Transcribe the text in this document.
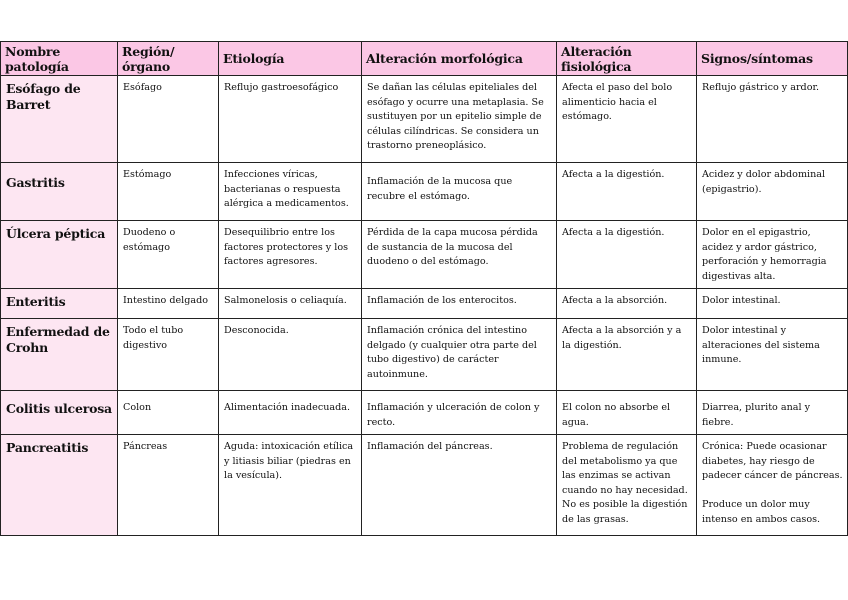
Nombre patología	Región/órgano	Etiología	Alteración morfológica	Alteración fisiológica	Signos/síntomas
Esófago de Barret	Esófago	Reflujo gastroesofágico	Se dañan las células epiteliales del esófago y ocurre una metaplasia. Se sustituyen por un epitelio simple de células cilíndricas. Se considera un trastorno preneoplásico.	Afecta el paso del bolo alimenticio hacia el estómago.	Reflujo gástrico y ardor.
Gastritis	Estómago	Infecciones víricas, bacterianas o respuesta alérgica a medicamentos.	Inflamación de la mucosa que recubre el estómago.	Afecta a la digestión.	Acidez y dolor abdominal (epigastrio).
Úlcera péptica	Duodeno o estómago	Desequilibrio entre los factores protectores y los factores agresores.	Pérdida de la capa mucosa pérdida de sustancia de la mucosa del duodeno o del estómago.	Afecta a la digestión.	Dolor en el epigastrio, acidez y ardor gástrico, perforación y hemorragia digestivas alta.
Enteritis	Intestino delgado	Salmonelosis o celiaquía.	Inflamación de los enterocitos.	Afecta a la absorción.	Dolor intestinal.
Enfermedad de Crohn	Todo el tubo digestivo	Desconocida.	Inflamación crónica del intestino delgado (y cualquier otra parte del tubo digestivo) de carácter autoinmune.	Afecta a la absorción y a la digestión.	Dolor intestinal y alteraciones del sistema inmune.
Colitis ulcerosa	Colon	Alimentación inadecuada.	Inflamación y ulceración de colon y recto.	El colon no absorbe el agua.	Diarrea, plurito anal y fiebre.
Pancreatitis	Páncreas	Aguda: intoxicación etílica y litiasis biliar (piedras en la vesícula).	Inflamación del páncreas.	Problema de regulación del metabolismo ya que las enzimas se activan cuando no hay necesidad. No es posible la digestión de las grasas.	Crónica: Puede ocasionar diabetes, hay riesgo de padecer cáncer de páncreas.

Produce un dolor muy intenso en ambos casos.
